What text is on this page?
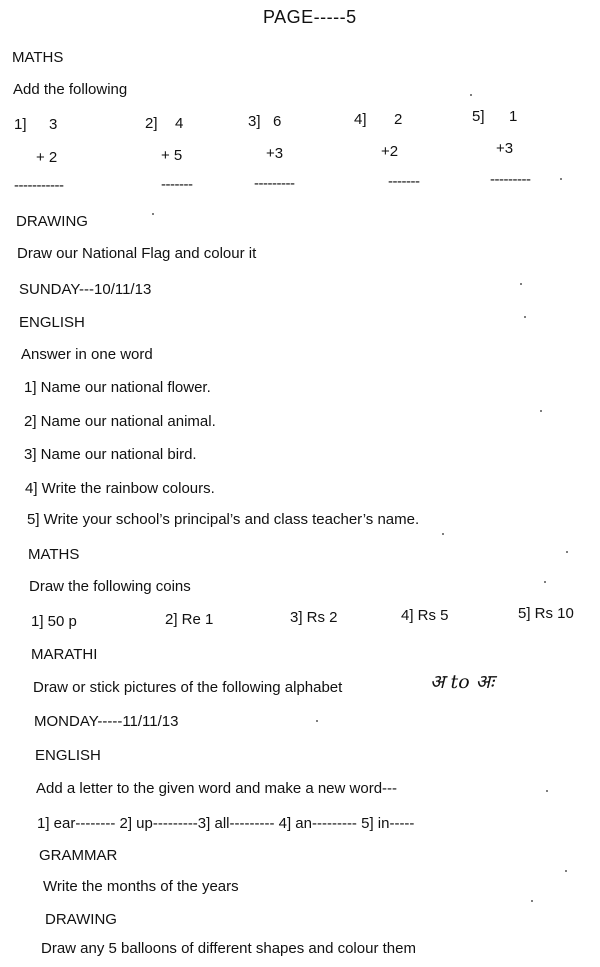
PAGE-----5
MATHS
Add the following
1] 3
+ 2
-----------
2] 4
+ 5
-------
3] 6
+3
---------
4] 2
+2
-------
5] 1
+3
---------
DRAWING
Draw our National Flag and colour it
SUNDAY---10/11/13
ENGLISH
Answer in one word
1] Name our national flower.
2] Name our national animal.
3] Name our national bird.
4] Write the rainbow colours.
5] Write your school’s principal’s and class teacher’s name.
MATHS
Draw the following coins
1] 50 p	2] Re 1	3] Rs 2	4] Rs 5	5] Rs 10
MARATHI
Draw or stick pictures of the following alphabet	अ to अः
MONDAY-----11/11/13
ENGLISH
Add a letter to the given word and make a new word---
1] ear-------- 2] up---------3] all--------- 4] an--------- 5] in-----
GRAMMAR
Write the months of the years
DRAWING
Draw any 5 balloons of different shapes and colour them
